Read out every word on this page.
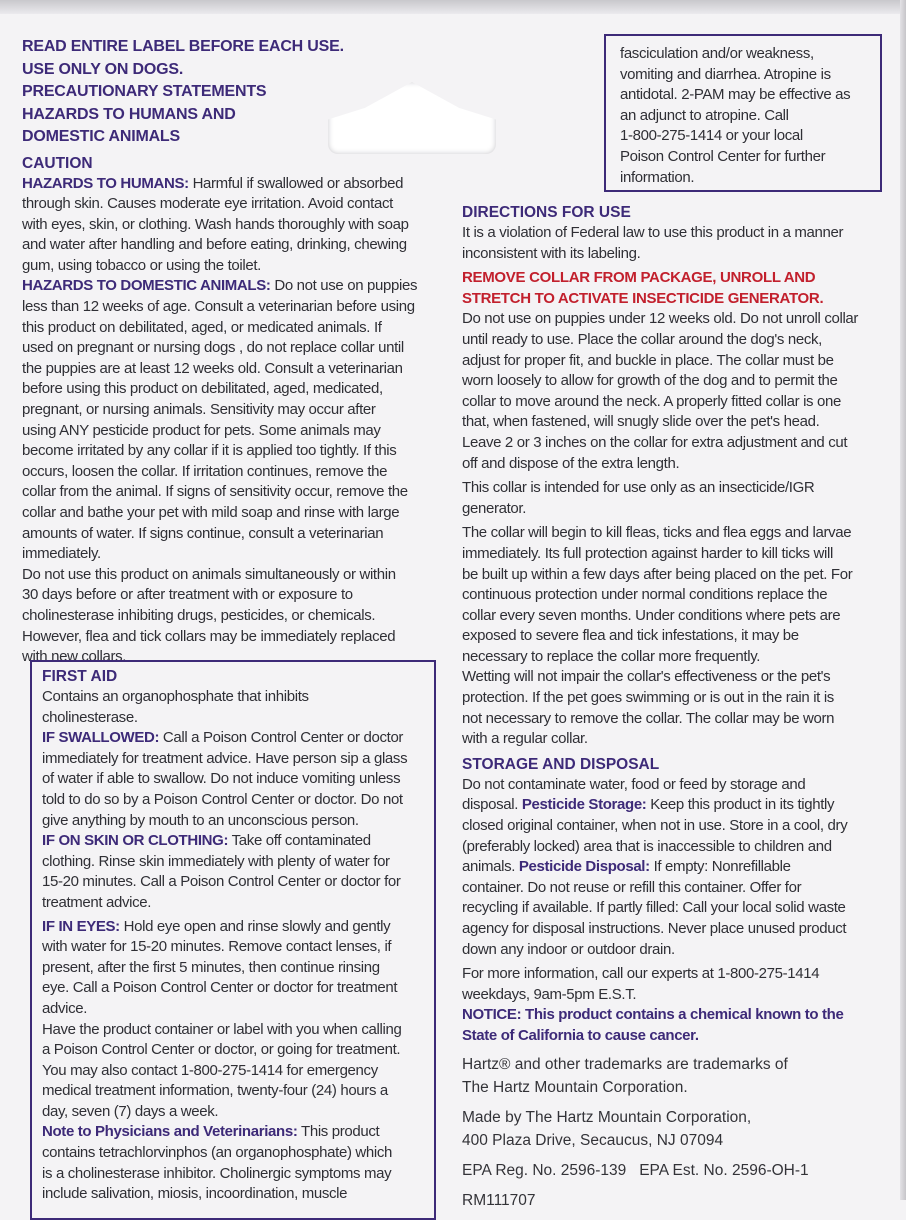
READ ENTIRE LABEL BEFORE EACH USE.
USE ONLY ON DOGS.
PRECAUTIONARY STATEMENTS
HAZARDS TO HUMANS AND
DOMESTIC ANIMALS
CAUTION
HAZARDS TO HUMANS: Harmful if swallowed or absorbed
through skin. Causes moderate eye irritation. Avoid contact
with eyes, skin, or clothing. Wash hands thoroughly with soap
and water after handling and before eating, drinking, chewing
gum, using tobacco or using the toilet.
HAZARDS TO DOMESTIC ANIMALS: Do not use on puppies
less than 12 weeks of age. Consult a veterinarian before using
this product on debilitated, aged, or medicated animals. If
used on pregnant or nursing dogs , do not replace collar until
the puppies are at least 12 weeks old. Consult a veterinarian
before using this product on debilitated, aged, medicated,
pregnant, or nursing animals. Sensitivity may occur after
using ANY pesticide product for pets. Some animals may
become irritated by any collar if it is applied too tightly. If this
occurs, loosen the collar. If irritation continues, remove the
collar from the animal. If signs of sensitivity occur, remove the
collar and bathe your pet with mild soap and rinse with large
amounts of water. If signs continue, consult a veterinarian
immediately.
Do not use this product on animals simultaneously or within
30 days before or after treatment with or exposure to
cholinesterase inhibiting drugs, pesticides, or chemicals.
However, flea and tick collars may be immediately replaced
with new collars.
FIRST AID
Contains an organophosphate that inhibits
cholinesterase.
IF SWALLOWED: Call a Poison Control Center or doctor
immediately for treatment advice. Have person sip a glass
of water if able to swallow. Do not induce vomiting unless
told to do so by a Poison Control Center or doctor. Do not
give anything by mouth to an unconscious person.
IF ON SKIN OR CLOTHING: Take off contaminated
clothing. Rinse skin immediately with plenty of water for
15-20 minutes. Call a Poison Control Center or doctor for
treatment advice.
IF IN EYES: Hold eye open and rinse slowly and gently
with water for 15-20 minutes. Remove contact lenses, if
present, after the first 5 minutes, then continue rinsing
eye. Call a Poison Control Center or doctor for treatment
advice.
Have the product container or label with you when calling
a Poison Control Center or doctor, or going for treatment.
You may also contact 1-800-275-1414 for emergency
medical treatment information, twenty-four (24) hours a
day, seven (7) days a week.
Note to Physicians and Veterinarians: This product
contains tetrachlorvinphos (an organophosphate) which
is a cholinesterase inhibitor. Cholinergic symptoms may
include salivation, miosis, incoordination, muscle
fasciculation and/or weakness,
vomiting and diarrhea. Atropine is
antidotal. 2-PAM may be effective as
an adjunct to atropine. Call
1-800-275-1414 or your local
Poison Control Center for further
information.
DIRECTIONS FOR USE
It is a violation of Federal law to use this product in a manner
inconsistent with its labeling.
REMOVE COLLAR FROM PACKAGE, UNROLL AND
STRETCH TO ACTIVATE INSECTICIDE GENERATOR.
Do not use on puppies under 12 weeks old. Do not unroll collar
until ready to use. Place the collar around the dog's neck,
adjust for proper fit, and buckle in place. The collar must be
worn loosely to allow for growth of the dog and to permit the
collar to move around the neck. A properly fitted collar is one
that, when fastened, will snugly slide over the pet's head.
Leave 2 or 3 inches on the collar for extra adjustment and cut
off and dispose of the extra length.
This collar is intended for use only as an insecticide/IGR
generator.
The collar will begin to kill fleas, ticks and flea eggs and larvae
immediately. Its full protection against harder to kill ticks will
be built up within a few days after being placed on the pet. For
continuous protection under normal conditions replace the
collar every seven months. Under conditions where pets are
exposed to severe flea and tick infestations, it may be
necessary to replace the collar more frequently.
Wetting will not impair the collar's effectiveness or the pet's
protection. If the pet goes swimming or is out in the rain it is
not necessary to remove the collar. The collar may be worn
with a regular collar.
STORAGE AND DISPOSAL
Do not contaminate water, food or feed by storage and
disposal. Pesticide Storage: Keep this product in its tightly
closed original container, when not in use. Store in a cool, dry
(preferably locked) area that is inaccessible to children and
animals. Pesticide Disposal: If empty: Nonrefillable
container. Do not reuse or refill this container. Offer for
recycling if available. If partly filled: Call your local solid waste
agency for disposal instructions. Never place unused product
down any indoor or outdoor drain.
For more information, call our experts at 1-800-275-1414
weekdays, 9am-5pm E.S.T.
NOTICE: This product contains a chemical known to the
State of California to cause cancer.
Hartz® and other trademarks are trademarks of
The Hartz Mountain Corporation.
Made by The Hartz Mountain Corporation,
400 Plaza Drive, Secaucus, NJ 07094
EPA Reg. No. 2596-139   EPA Est. No. 2596-OH-1
RM111707
